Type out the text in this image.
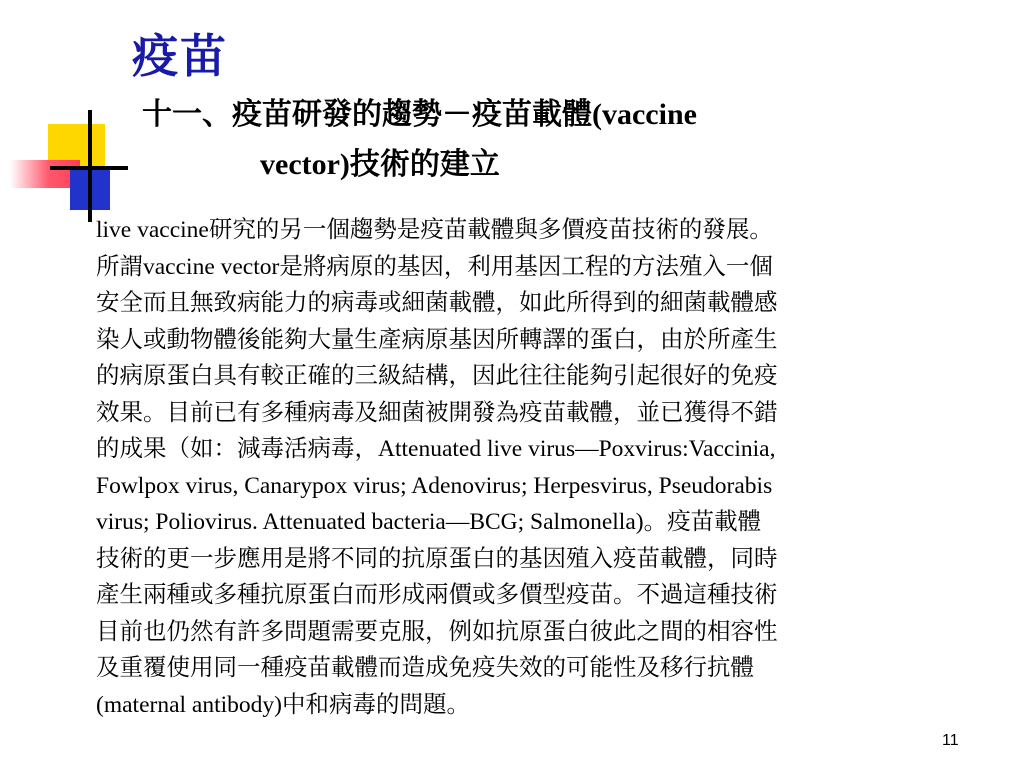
疫苗
十一、疫苗研發的趨勢－疫苗載體(vaccine
vector)技術的建立
live vaccine研究的另一個趨勢是疫苗載體與多價疫苗技術的發展。
所謂vaccine vector是將病原的基因，利用基因工程的方法殖入一個
安全而且無致病能力的病毒或細菌載體，如此所得到的細菌載體感
染人或動物體後能夠大量生產病原基因所轉譯的蛋白，由於所產生
的病原蛋白具有較正確的三級結構，因此往往能夠引起很好的免疫
效果。目前已有多種病毒及細菌被開發為疫苗載體，並已獲得不錯
的成果（如：減毒活病毒，Attenuated live virus—Poxvirus:Vaccinia,
Fowlpox virus, Canarypox virus; Adenovirus; Herpesvirus, Pseudorabis
virus; Poliovirus. Attenuated bacteria—BCG; Salmonella)。疫苗載體
技術的更一步應用是將不同的抗原蛋白的基因殖入疫苗載體，同時
產生兩種或多種抗原蛋白而形成兩價或多價型疫苗。不過這種技術
目前也仍然有許多問題需要克服，例如抗原蛋白彼此之間的相容性
及重覆使用同一種疫苗載體而造成免疫失效的可能性及移行抗體
(maternal antibody)中和病毒的問題。
11
